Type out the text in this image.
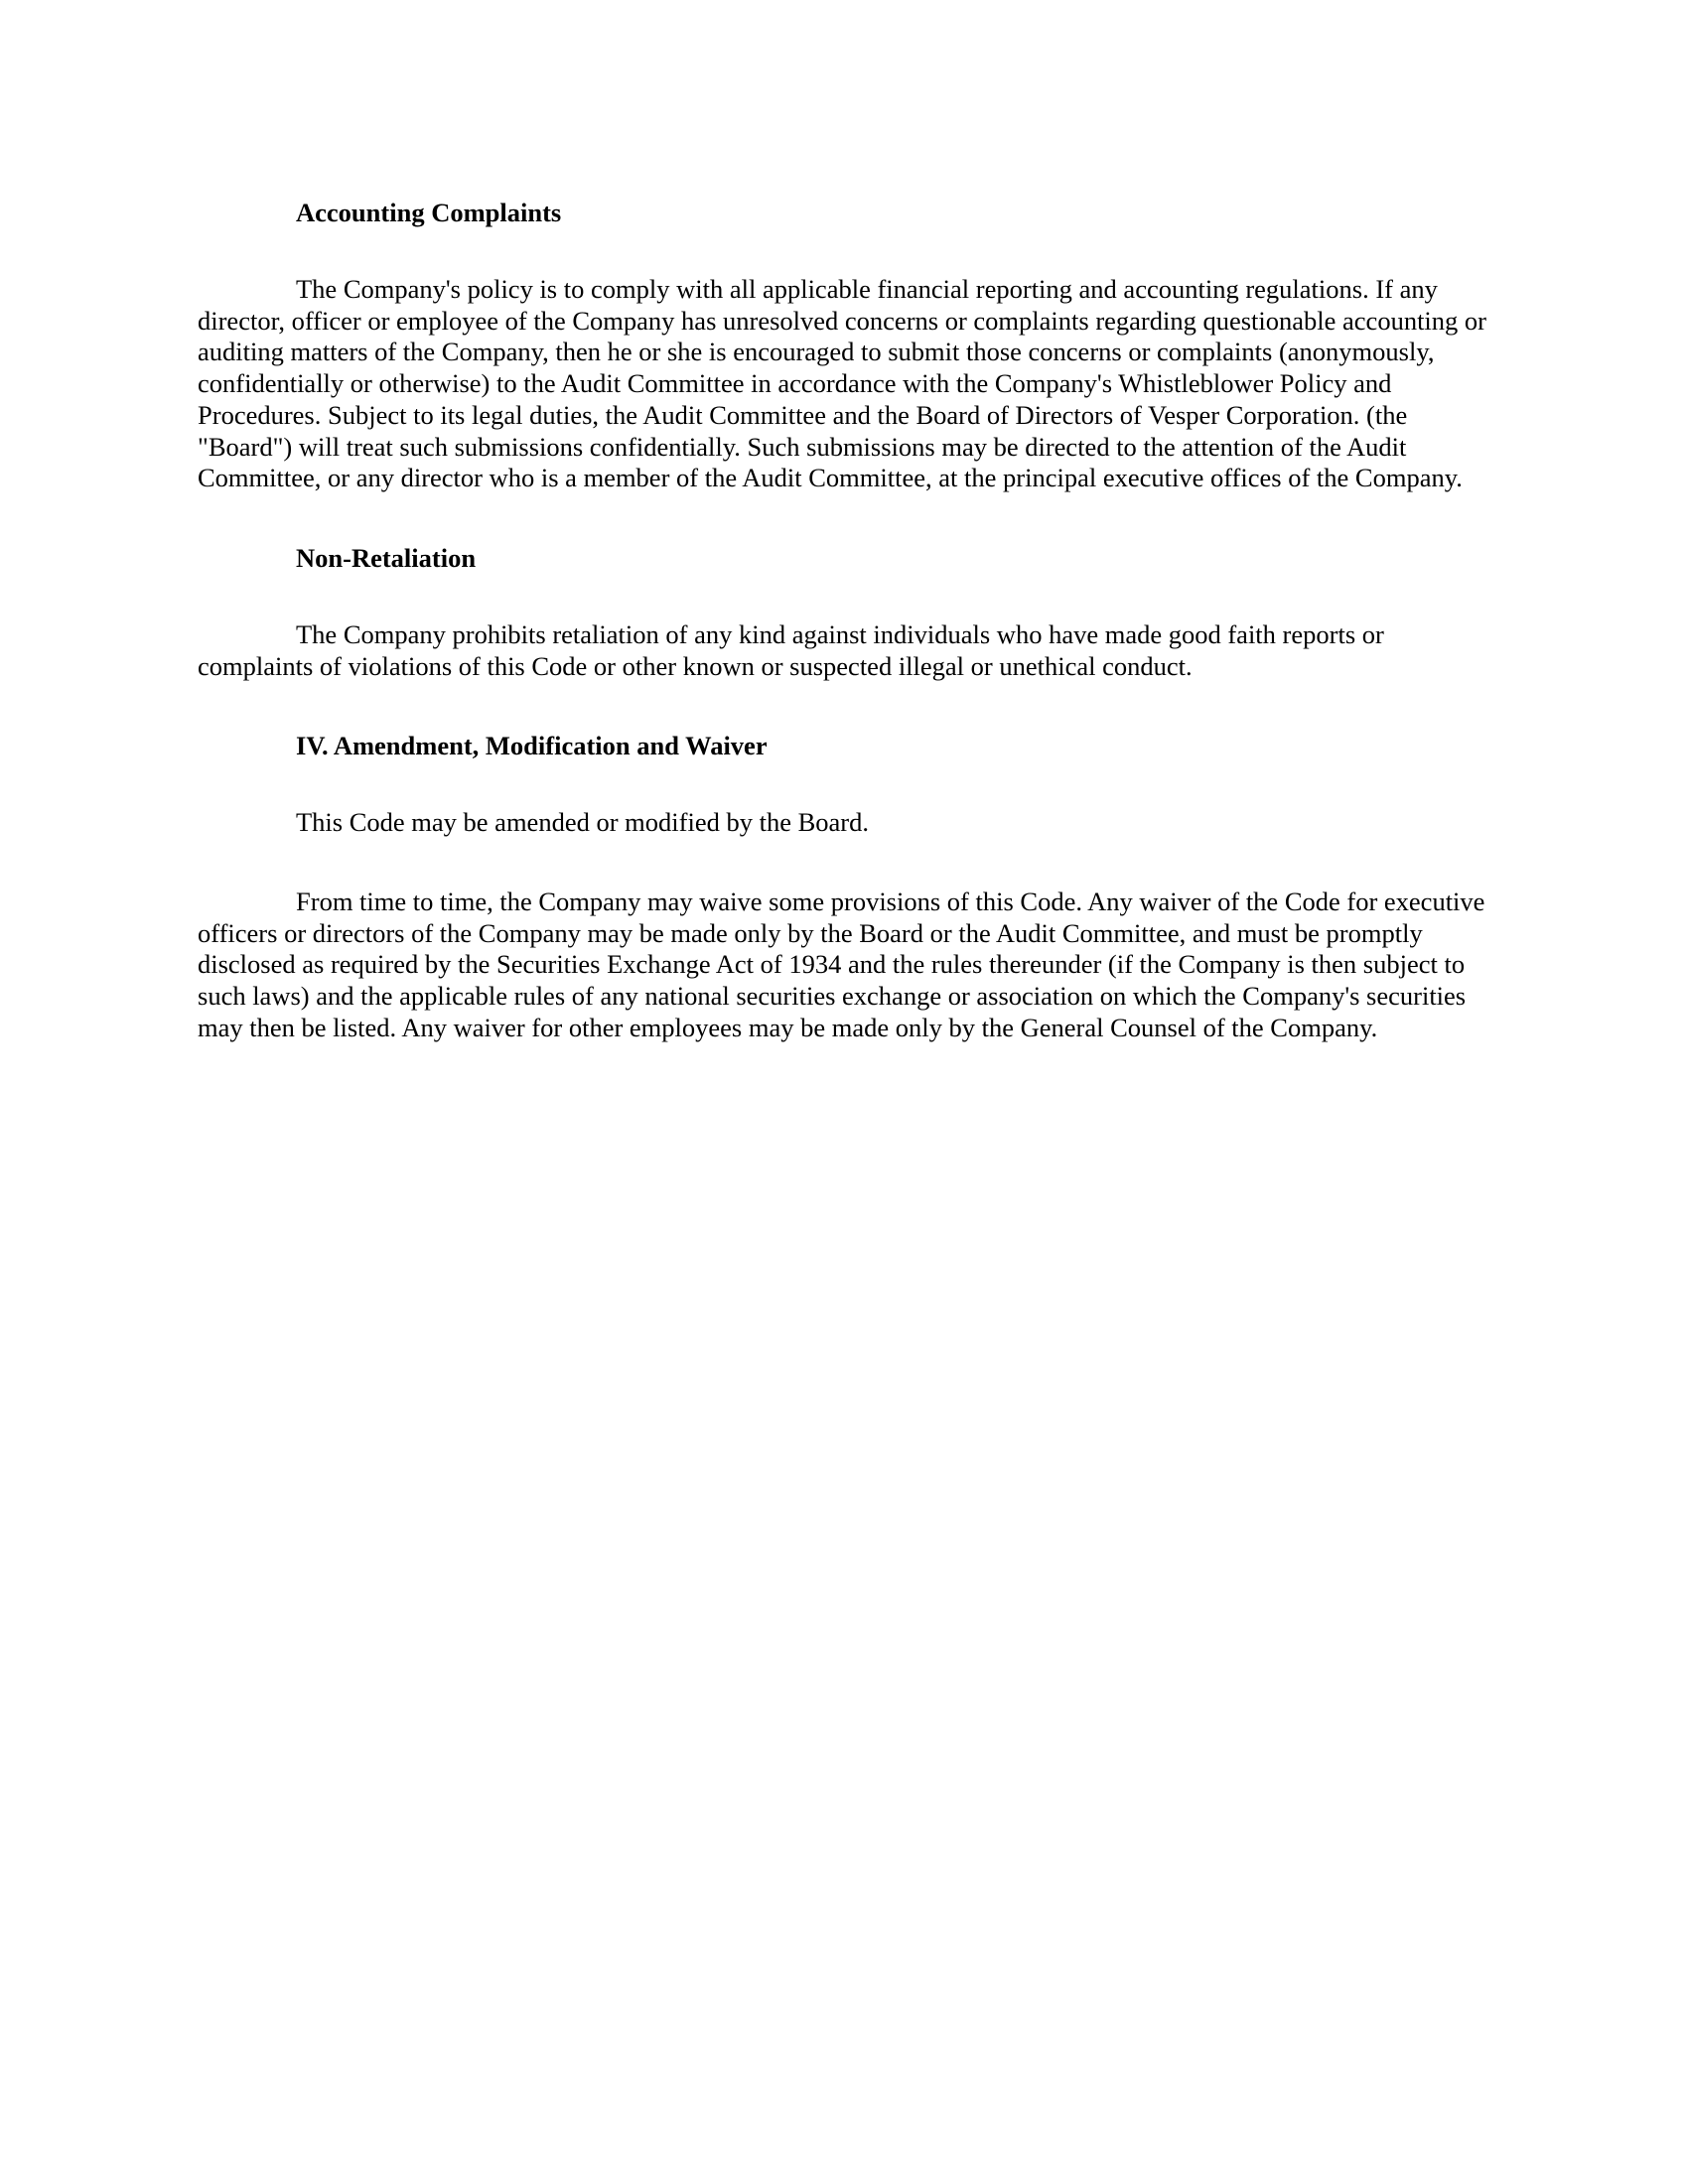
Accounting Complaints
The Company's policy is to comply with all applicable financial reporting and accounting regulations. If any director, officer or employee of the Company has unresolved concerns or complaints regarding questionable accounting or auditing matters of the Company, then he or she is encouraged to submit those concerns or complaints (anonymously, confidentially or otherwise) to the Audit Committee in accordance with the Company's Whistleblower Policy and Procedures. Subject to its legal duties, the Audit Committee and the Board of Directors of Vesper Corporation. (the "Board") will treat such submissions confidentially. Such submissions may be directed to the attention of the Audit Committee, or any director who is a member of the Audit Committee, at the principal executive offices of the Company.
Non-Retaliation
The Company prohibits retaliation of any kind against individuals who have made good faith reports or complaints of violations of this Code or other known or suspected illegal or unethical conduct.
IV. Amendment, Modification and Waiver
This Code may be amended or modified by the Board.
From time to time, the Company may waive some provisions of this Code. Any waiver of the Code for executive officers or directors of the Company may be made only by the Board or the Audit Committee, and must be promptly disclosed as required by the Securities Exchange Act of 1934 and the rules thereunder (if the Company is then subject to such laws) and the applicable rules of any national securities exchange or association on which the Company's securities may then be listed. Any waiver for other employees may be made only by the General Counsel of the Company.
